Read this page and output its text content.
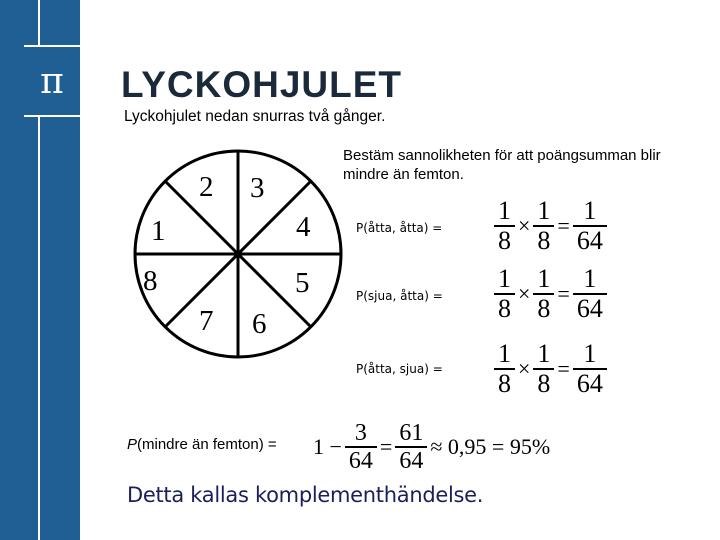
π	LYCKOHJULET
Lyckohjulet nedan snurras två gånger.
2 3
4
5
6
7
8
1
Bestäm sannolikheten för att poängsumman blir mindre än femton.
P(åtta, åtta) = $\frac{1}{8} \times \frac{1}{8} = \frac{1}{64}$
P(sjua, åtta) = $\frac{1}{8} \times \frac{1}{8} = \frac{1}{64}$
P(åtta, sjua) = $\frac{1}{8} \times \frac{1}{8} = \frac{1}{64}$
P(mindre än femton) = $1 - \frac{3}{64} = \frac{61}{64} \approx 0,95 = 95\%$
Detta kallas komplementhändelse.
